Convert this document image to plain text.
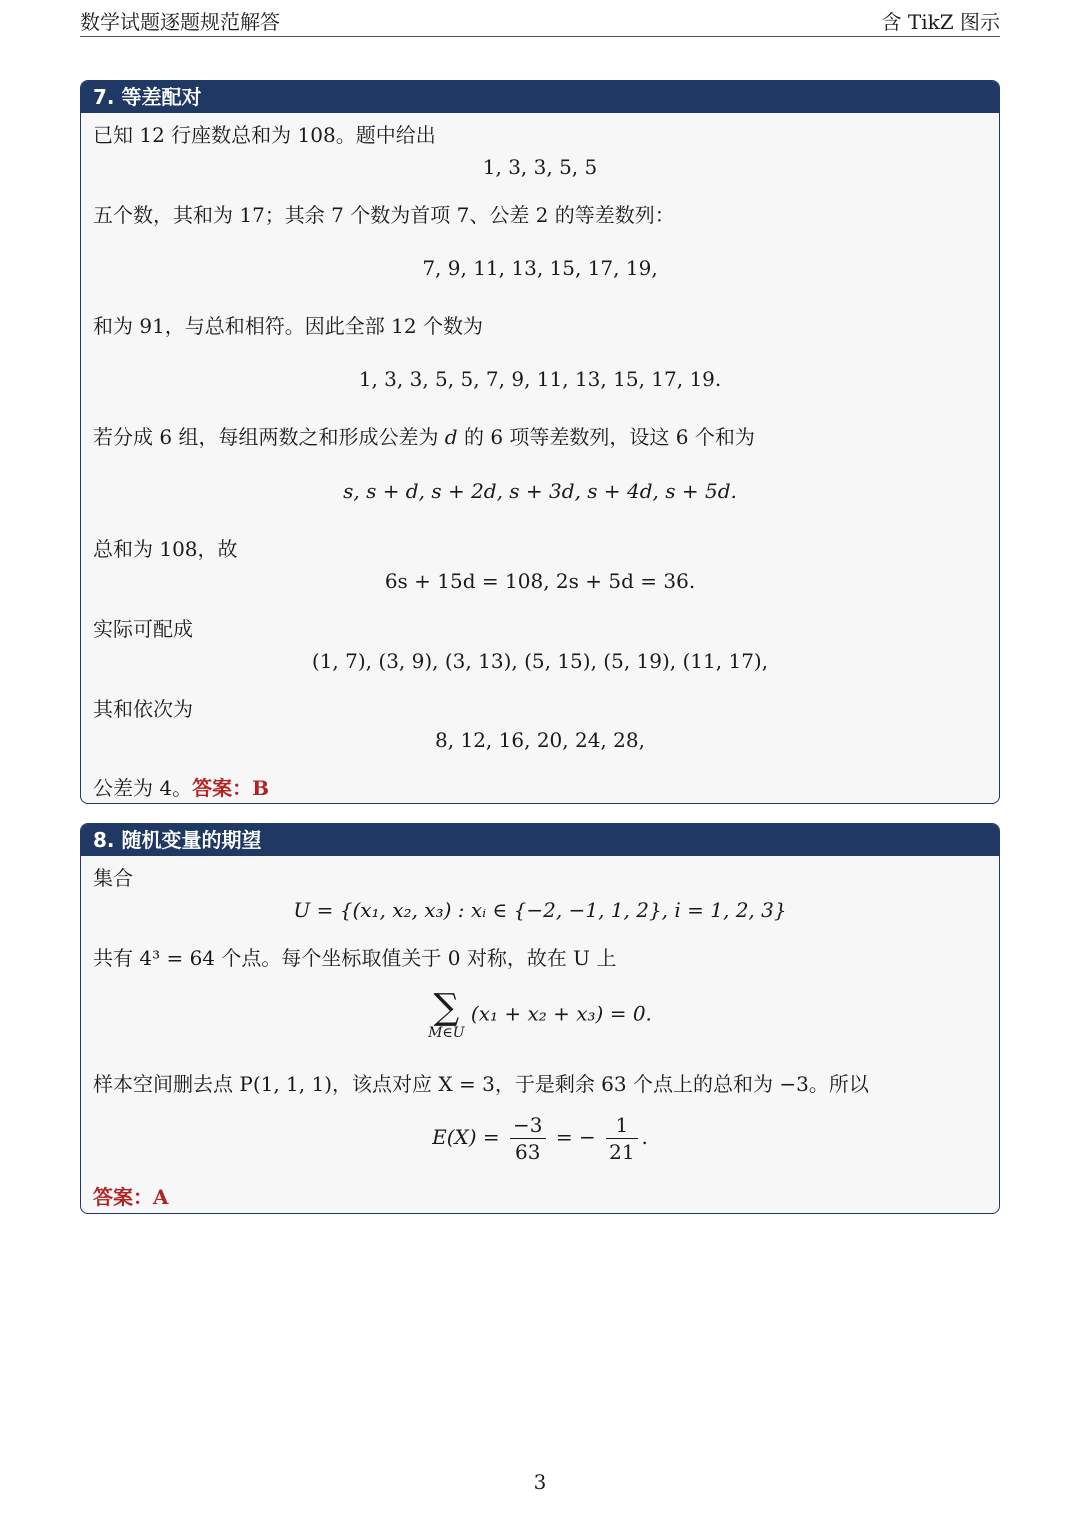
数学试题逐题规范解答	含 TikZ 图示
7. 等差配对
已知 12 行座数总和为 108。题中给出
1, 3, 3, 5, 5
五个数，其和为 17；其余 7 个数为首项 7、公差 2 的等差数列：
7, 9, 11, 13, 15, 17, 19,
和为 91，与总和相符。因此全部 12 个数为
1, 3, 3, 5, 5, 7, 9, 11, 13, 15, 17, 19.
若分成 6 组，每组两数之和形成公差为 d 的 6 项等差数列，设这 6 个和为
s, s + d, s + 2d, s + 3d, s + 4d, s + 5d.
总和为 108，故
6s + 15d = 108, 2s + 5d = 36.
实际可配成
(1, 7), (3, 9), (3, 13), (5, 15), (5, 19), (11, 17),
其和依次为
8, 12, 16, 20, 24, 28,
公差为 4。答案：B
8. 随机变量的期望
集合
U = {(x₁, x₂, x₃) : xᵢ ∈ {−2, −1, 1, 2}, i = 1, 2, 3}
共有 4³ = 64 个点。每个坐标取值关于 0 对称，故在 U 上
∑
M∈U
(x₁ + x₂ + x₃) = 0.
样本空间删去点 P(1, 1, 1)，该点对应 X = 3，于是剩余 63 个点上的总和为 −3。所以
$E(X) = \frac{-3}{63}$ = − $\frac{1}{21}$ .
答案：A
3
